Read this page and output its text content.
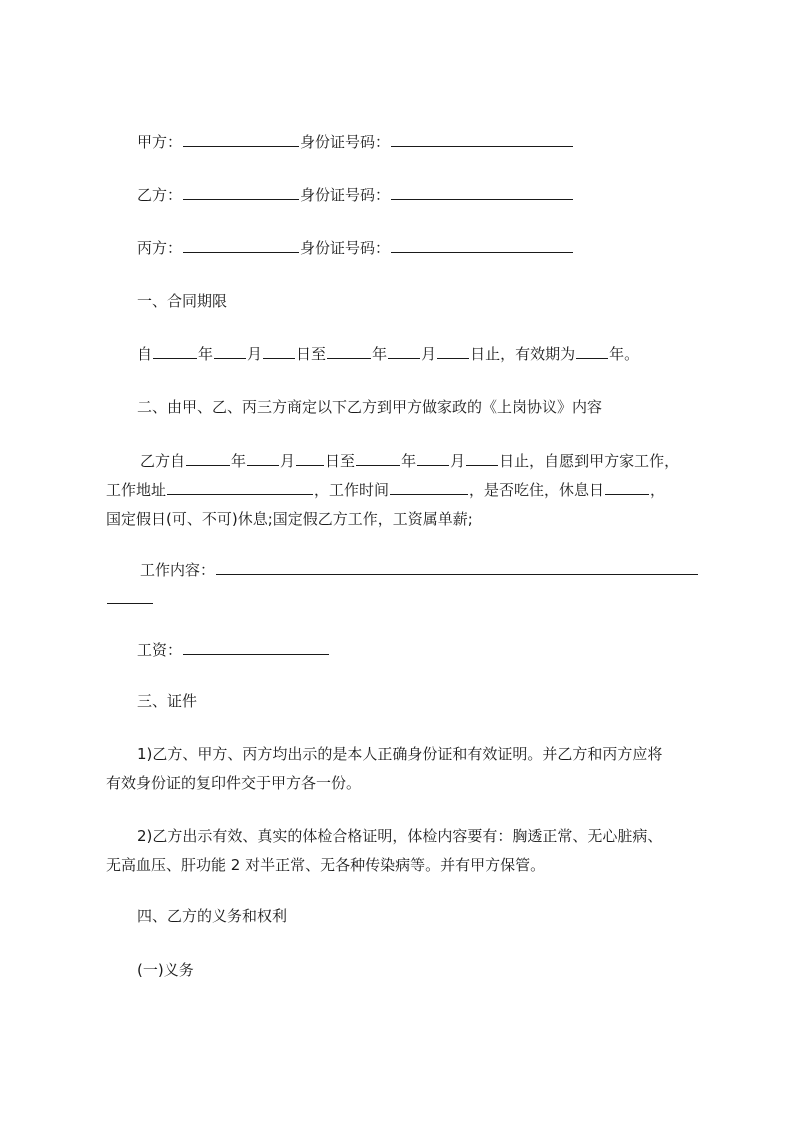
甲方：	身份证号码：
乙方：	身份证号码：
丙方：	身份证号码：
一、合同期限
自	年 月 日至	年 月 日止，有效期为 年。
二、由甲、乙、丙三方商定以下乙方到甲方做家政的《上岗协议》内容
乙方自	年 月 日至	年 月 日止，自愿到甲方家工作，
工作地址	，工作时间	，是否吃住，休息日	，
国定假日(可、不可)休息;国定假乙方工作，工资属单薪;
工作内容：
工资：
三、证件
1)乙方、甲方、丙方均出示的是本人正确身份证和有效证明。并乙方和丙方应将
有效身份证的复印件交于甲方各一份。
2)乙方出示有效、真实的体检合格证明，体检内容要有：胸透正常、无心脏病、
无高血压、肝功能 2 对半正常、无各种传染病等。并有甲方保管。
四、乙方的义务和权利
(一)义务
